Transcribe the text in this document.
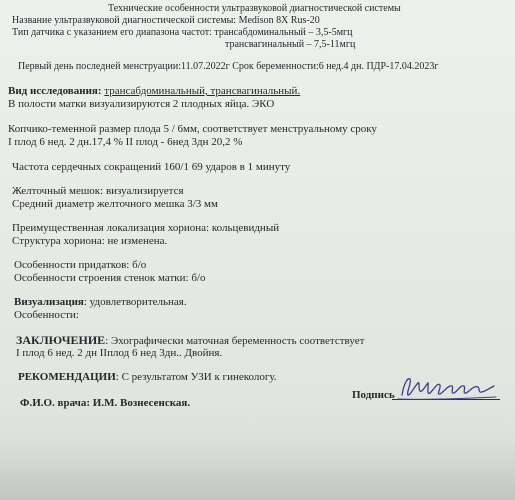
Технические особенности ультразвуковой диагностической системы
Название ультразвуковой диагностической системы: Medison 8X Rus-20
Тип датчика с указанием его диапазона частот: трансабдоминальный – 3,5-5мгц
трансвагинальный – 7,5-11мгц
Первый день последней менструации:11.07.2022г Срок беременности:6 нед.4 дн. ПДР-17.04.2023г
Вид исследования: трансабдоминальный, трансвагинальный.
В полости матки визуализируются 2 плодных яйца. ЭКО
Копчико-теменной размер плода 5 / 6мм, соответствует менструальному сроку
I плод 6 нед. 2 дн.17,4 % II плод - 6нед 3дн 20,2 %
Частота сердечных сокращений 160/1 69 ударов в 1 минуту
Желточный мешок: визуализируется
Средний диаметр желточного мешка 3/3 мм
Преимущественная локализация хориона: кольцевидный
Структура хориона: не изменена.
Особенности придатков: б/о
Особенности строения стенок матки: б/о
Визуализация: удовлетворительная.
Особенности:
ЗАКЛЮЧЕНИЕ: Эхографически маточная беременность соответствует
I плод 6 нед. 2 дн IIплод 6 нед 3дн.. Двойня.
РЕКОМЕНДАЦИИ: С результатом УЗИ к гинекологу.
Ф.И.О. врача: И.М. Вознесенская.
Подпись
